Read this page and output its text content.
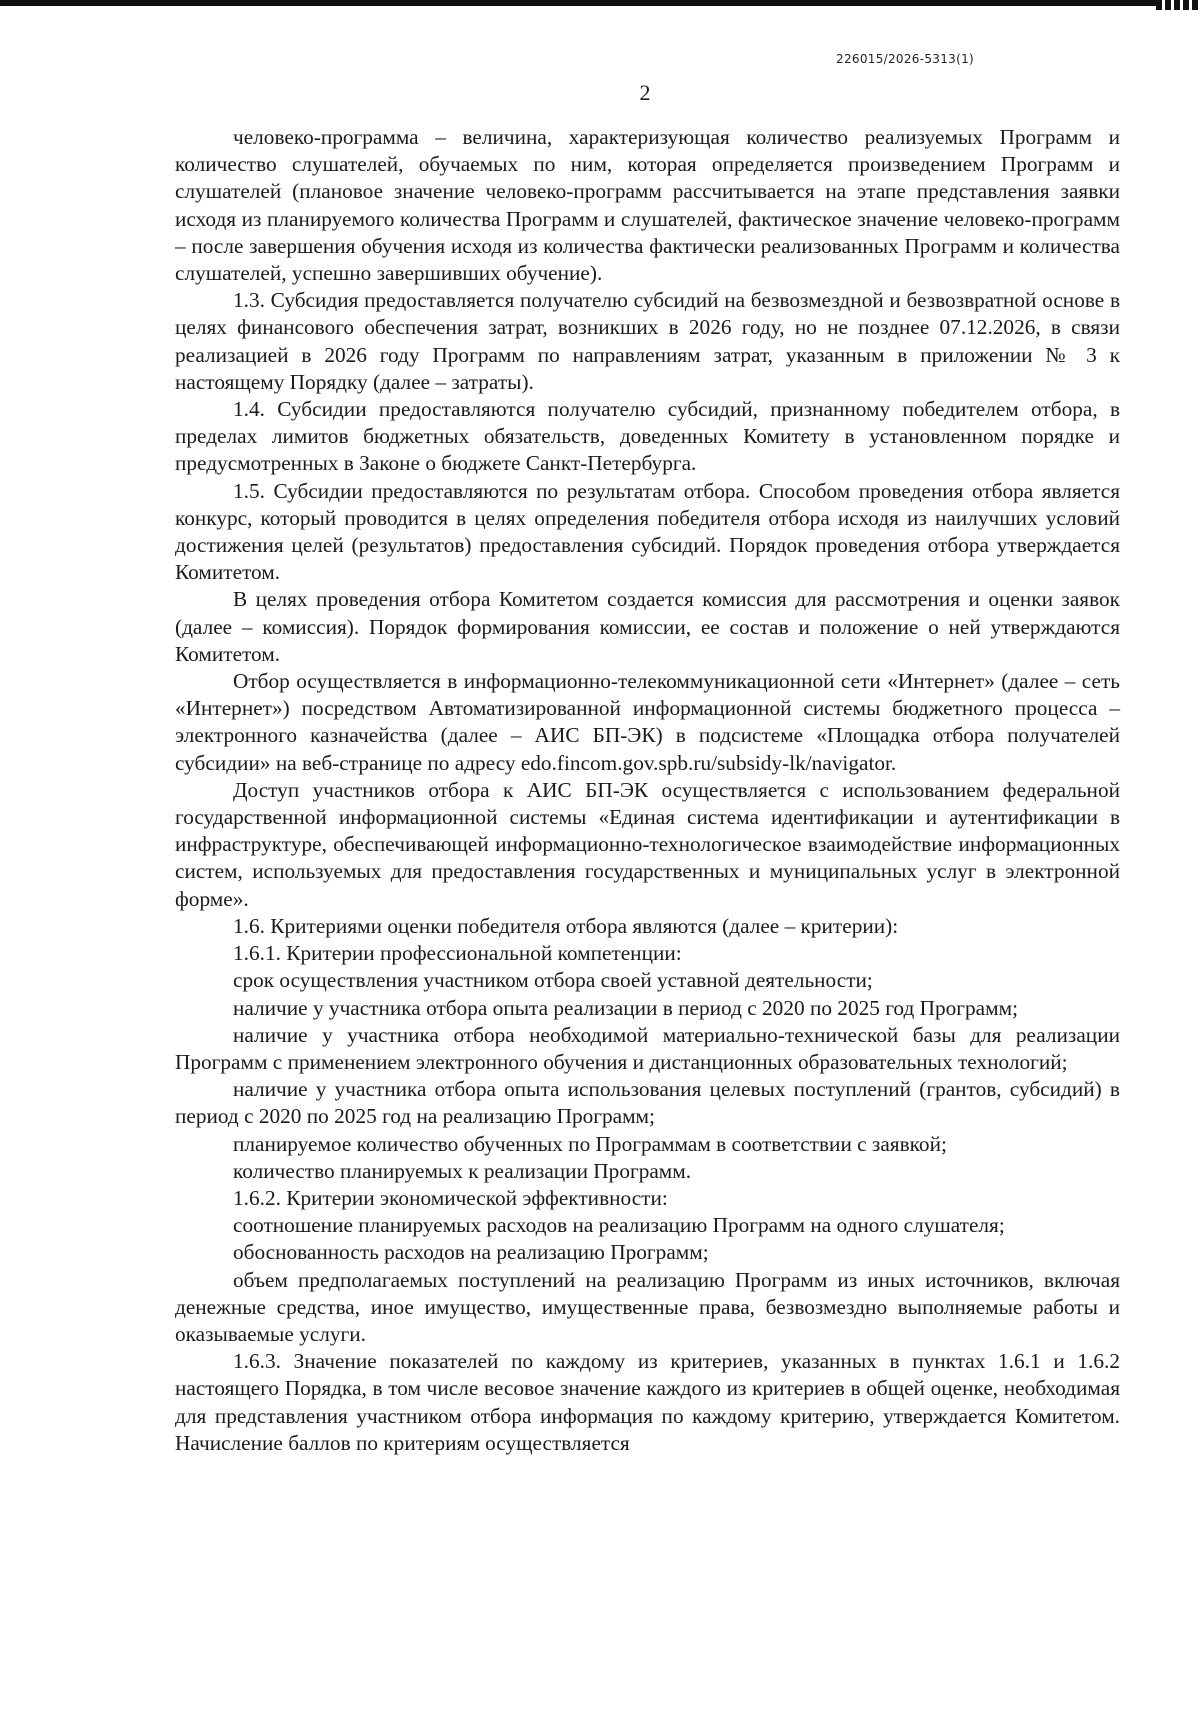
226015/2026-5313(1)
2

человеко-программа – величина, характеризующая количество реализуемых Программ и количество слушателей, обучаемых по ним, которая определяется произведением Программ и слушателей (плановое значение человеко-программ рассчитывается на этапе представления заявки исходя из планируемого количества Программ и слушателей, фактическое значение человеко-программ – после завершения обучения исходя из количества фактически реализованных Программ и количества слушателей, успешно завершивших обучение).

1.3. Субсидия предоставляется получателю субсидий на безвозмездной и безвозвратной основе в целях финансового обеспечения затрат, возникших в 2026 году, но не позднее 07.12.2026, в связи реализацией в 2026 году Программ по направлениям затрат, указанным в приложении № 3 к настоящему Порядку (далее – затраты).

1.4. Субсидии предоставляются получателю субсидий, признанному победителем отбора, в пределах лимитов бюджетных обязательств, доведенных Комитету в установленном порядке и предусмотренных в Законе о бюджете Санкт-Петербурга.

1.5. Субсидии предоставляются по результатам отбора. Способом проведения отбора является конкурс, который проводится в целях определения победителя отбора исходя из наилучших условий достижения целей (результатов) предоставления субсидий. Порядок проведения отбора утверждается Комитетом.

В целях проведения отбора Комитетом создается комиссия для рассмотрения и оценки заявок (далее – комиссия). Порядок формирования комиссии, ее состав и положение о ней утверждаются Комитетом.

Отбор осуществляется в информационно-телекоммуникационной сети «Интернет» (далее – сеть «Интернет») посредством Автоматизированной информационной системы бюджетного процесса – электронного казначейства (далее – АИС БП-ЭК) в подсистеме «Площадка отбора получателей субсидии» на веб-странице по адресу edo.fincom.gov.spb.ru/subsidy-lk/navigator.

Доступ участников отбора к АИС БП-ЭК осуществляется с использованием федеральной государственной информационной системы «Единая система идентификации и аутентификации в инфраструктуре, обеспечивающей информационно-технологическое взаимодействие информационных систем, используемых для предоставления государственных и муниципальных услуг в электронной форме».

1.6. Критериями оценки победителя отбора являются (далее – критерии):

1.6.1. Критерии профессиональной компетенции:

срок осуществления участником отбора своей уставной деятельности;

наличие у участника отбора опыта реализации в период с 2020 по 2025 год Программ;

наличие у участника отбора необходимой материально-технической базы для реализации Программ с применением электронного обучения и дистанционных образовательных технологий;

наличие у участника отбора опыта использования целевых поступлений (грантов, субсидий) в период с 2020 по 2025 год на реализацию Программ;

планируемое количество обученных по Программам в соответствии с заявкой;

количество планируемых к реализации Программ.

1.6.2. Критерии экономической эффективности:

соотношение планируемых расходов на реализацию Программ на одного слушателя;

обоснованность расходов на реализацию Программ;

объем предполагаемых поступлений на реализацию Программ из иных источников, включая денежные средства, иное имущество, имущественные права, безвозмездно выполняемые работы и оказываемые услуги.

1.6.3. Значение показателей по каждому из критериев, указанных в пунктах 1.6.1 и 1.6.2 настоящего Порядка, в том числе весовое значение каждого из критериев в общей оценке, необходимая для представления участником отбора информация по каждому критерию, утверждается Комитетом. Начисление баллов по критериям осуществляется
